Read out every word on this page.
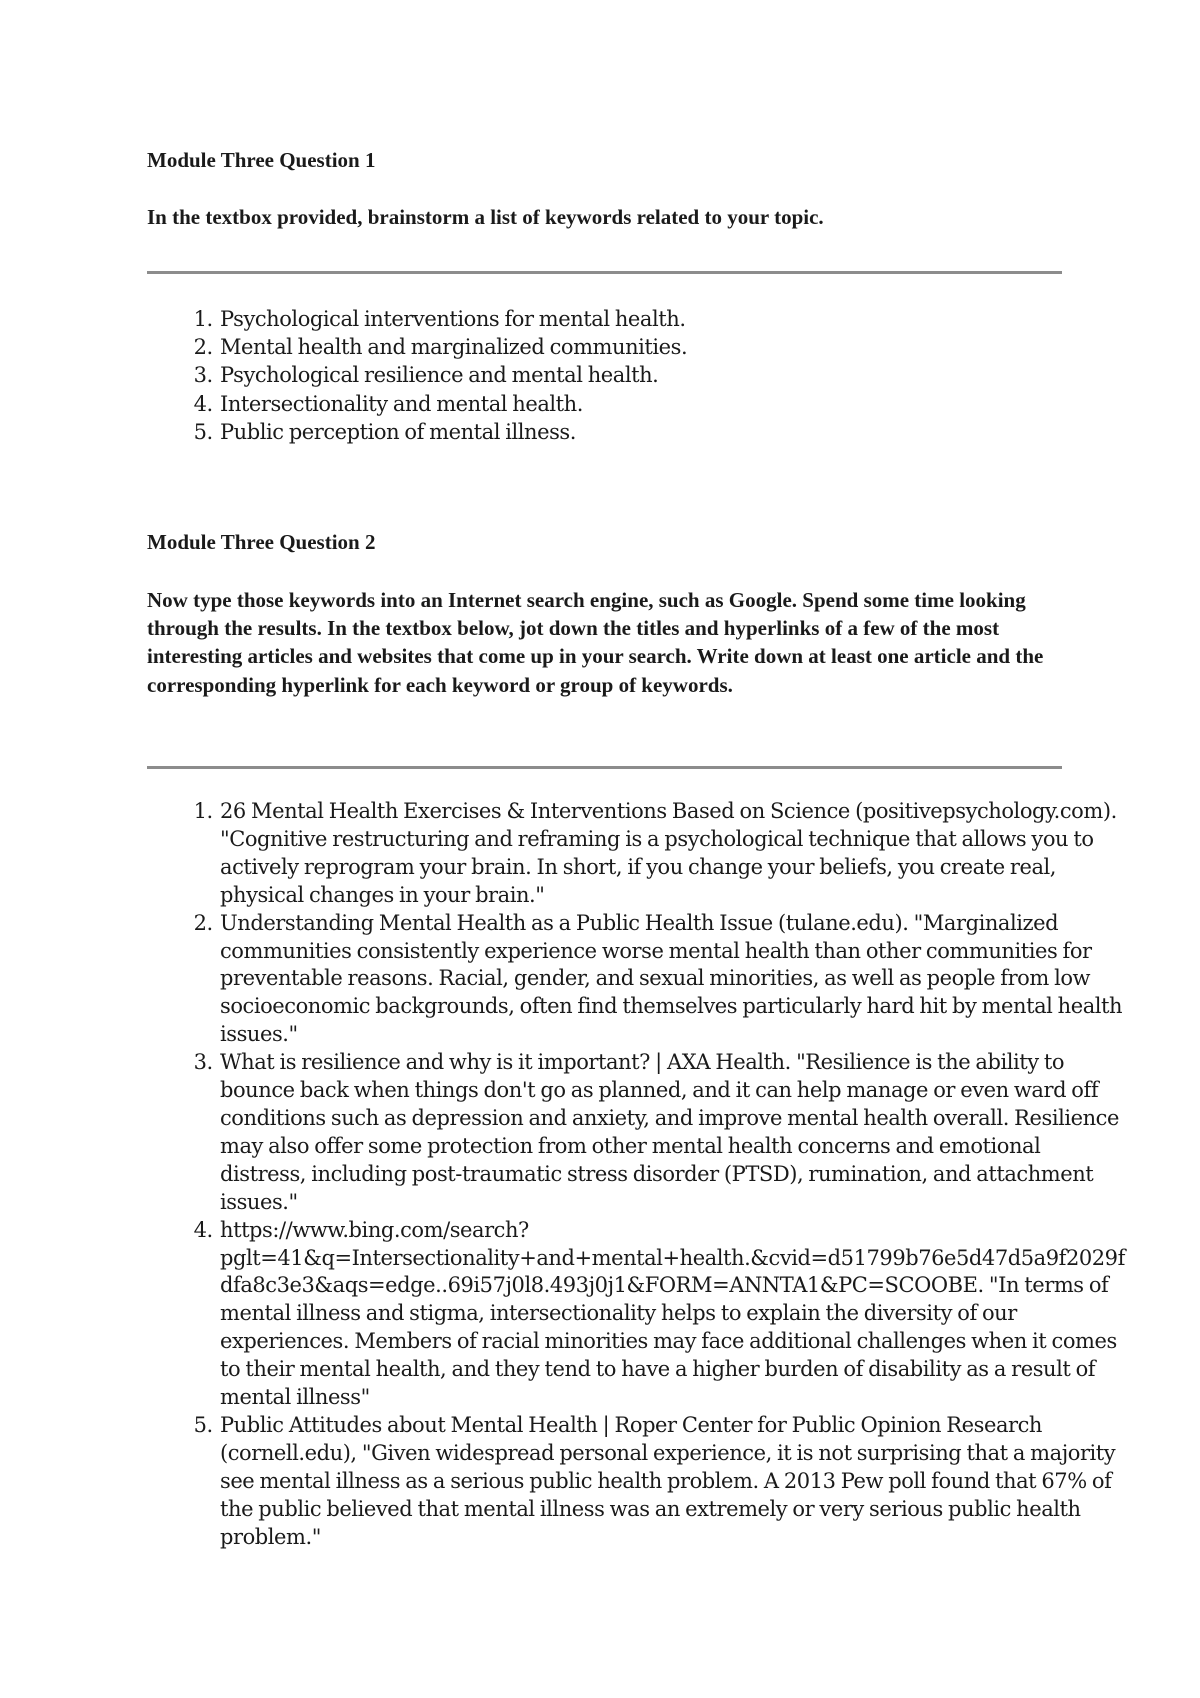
Module Three Question 1

In the textbox provided, brainstorm a list of keywords related to your topic.

1. Psychological interventions for mental health.
2. Mental health and marginalized communities.
3. Psychological resilience and mental health.
4. Intersectionality and mental health.
5. Public perception of mental illness.
Module Three Question 2

Now type those keywords into an Internet search engine, such as Google. Spend some time looking through the results. In the textbox below, jot down the titles and hyperlinks of a few of the most interesting articles and websites that come up in your search. Write down at least one article and the corresponding hyperlink for each keyword or group of keywords.

1. 26 Mental Health Exercises & Interventions Based on Science (positivepsychology.com). "Cognitive restructuring and reframing is a psychological technique that allows you to actively reprogram your brain. In short, if you change your beliefs, you create real, physical changes in your brain."
2. Understanding Mental Health as a Public Health Issue (tulane.edu). "Marginalized communities consistently experience worse mental health than other communities for preventable reasons. Racial, gender, and sexual minorities, as well as people from low socioeconomic backgrounds, often find themselves particularly hard hit by mental health issues."
3. What is resilience and why is it important? | AXA Health. "Resilience is the ability to bounce back when things don't go as planned, and it can help manage or even ward off conditions such as depression and anxiety, and improve mental health overall. Resilience may also offer some protection from other mental health concerns and emotional distress, including post-traumatic stress disorder (PTSD), rumination, and attachment issues."
4. https://www.bing.com/search?pglt=41&q=Intersectionality+and+mental+health.&cvid=d51799b76e5d47d5a9f2029fdfa8c3e3&aqs=edge..69i57j0l8.493j0j1&FORM=ANNTA1&PC=SCOOBE. "In terms of mental illness and stigma, intersectionality helps to explain the diversity of our experiences. Members of racial minorities may face additional challenges when it comes to their mental health, and they tend to have a higher burden of disability as a result of mental illness"
5. Public Attitudes about Mental Health | Roper Center for Public Opinion Research (cornell.edu), "Given widespread personal experience, it is not surprising that a majority see mental illness as a serious public health problem. A 2013 Pew poll found that 67% of the public believed that mental illness was an extremely or very serious public health problem."
